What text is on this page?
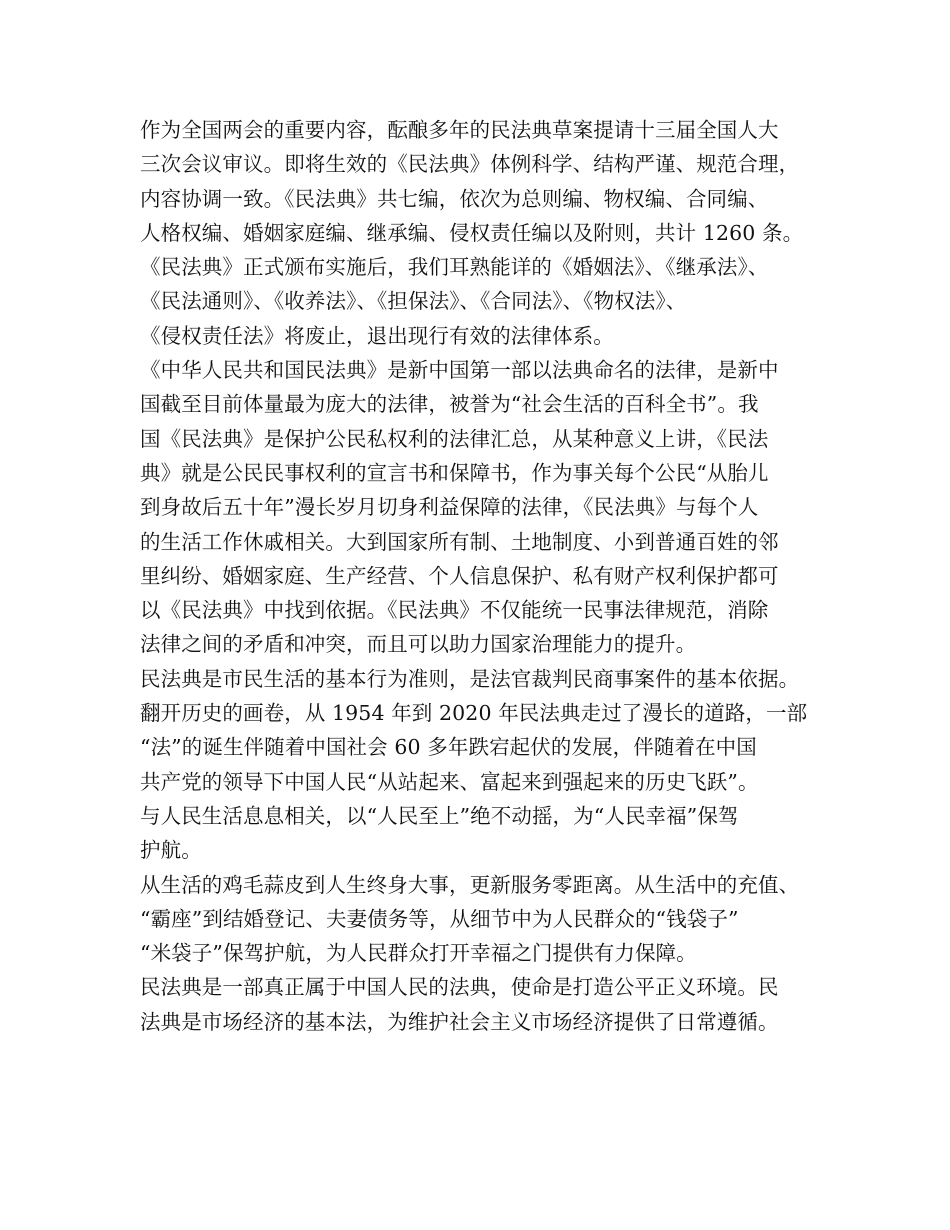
作为全国两会的重要内容，酝酿多年的民法典草案提请十三届全国人大
三次会议审议。即将生效的《民法典》体例科学、结构严谨、规范合理，
内容协调一致。《民法典》共七编，依次为总则编、物权编、合同编、
人格权编、婚姻家庭编、继承编、侵权责任编以及附则，共计 1260 条。
《民法典》正式颁布实施后，我们耳熟能详的《婚姻法》、《继承法》、
《民法通则》、《收养法》、《担保法》、《合同法》、《物权法》、
《侵权责任法》将废止，退出现行有效的法律体系。
《中华人民共和国民法典》是新中国第一部以法典命名的法律，是新中
国截至目前体量最为庞大的法律，被誉为“社会生活的百科全书”。我
国《民法典》是保护公民私权利的法律汇总，从某种意义上讲，《民法
典》就是公民民事权利的宣言书和保障书，作为事关每个公民“从胎儿
到身故后五十年”漫长岁月切身利益保障的法律，《民法典》与每个人
的生活工作休戚相关。大到国家所有制、土地制度、小到普通百姓的邻
里纠纷、婚姻家庭、生产经营、个人信息保护、私有财产权利保护都可
以《民法典》中找到依据。《民法典》不仅能统一民事法律规范，消除
法律之间的矛盾和冲突，而且可以助力国家治理能力的提升。
民法典是市民生活的基本行为准则，是法官裁判民商事案件的基本依据。
翻开历史的画卷，从 1954 年到 2020 年民法典走过了漫长的道路，一部
“法”的诞生伴随着中国社会 60 多年跌宕起伏的发展，伴随着在中国
共产党的领导下中国人民“从站起来、富起来到强起来的历史飞跃”。
与人民生活息息相关，以“人民至上”绝不动摇，为“人民幸福”保驾
护航。
从生活的鸡毛蒜皮到人生终身大事，更新服务零距离。从生活中的充值、
“霸座”到结婚登记、夫妻债务等，从细节中为人民群众的“钱袋子”
“米袋子”保驾护航，为人民群众打开幸福之门提供有力保障。
民法典是一部真正属于中国人民的法典，使命是打造公平正义环境。民
法典是市场经济的基本法，为维护社会主义市场经济提供了日常遵循。
